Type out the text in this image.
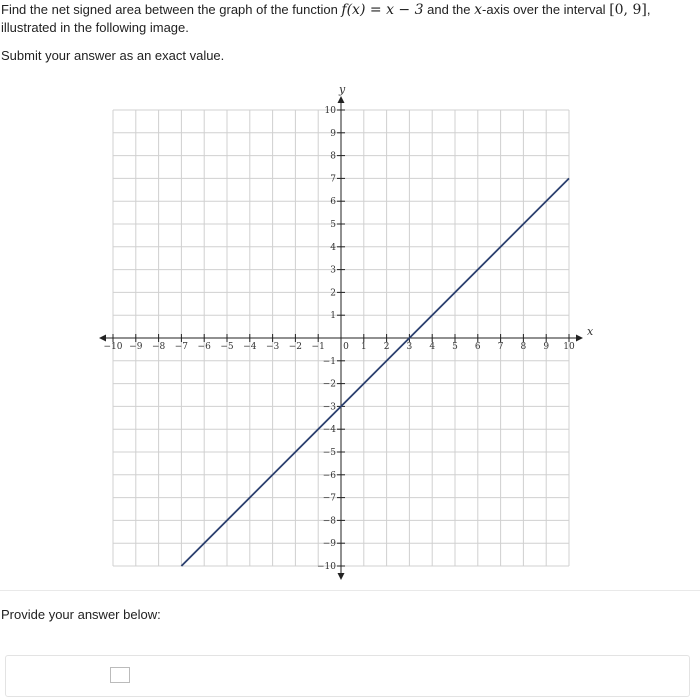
Find the net signed area between the graph of the function f(x) = x − 3 and the x-axis over the interval [0, 9], illustrated in the following image.
Submit your answer as an exact value.
−10 −9 −8 −7 −6 −5 −4 −3 −2 −1 0 1 2 3 4 5 6 7 8 9 10
10
9
8
7
6
5
4
3
2
1
−1
−2
−3
−4
−5
−6
−7
−8
−9
−10
x
y
Provide your answer below:
